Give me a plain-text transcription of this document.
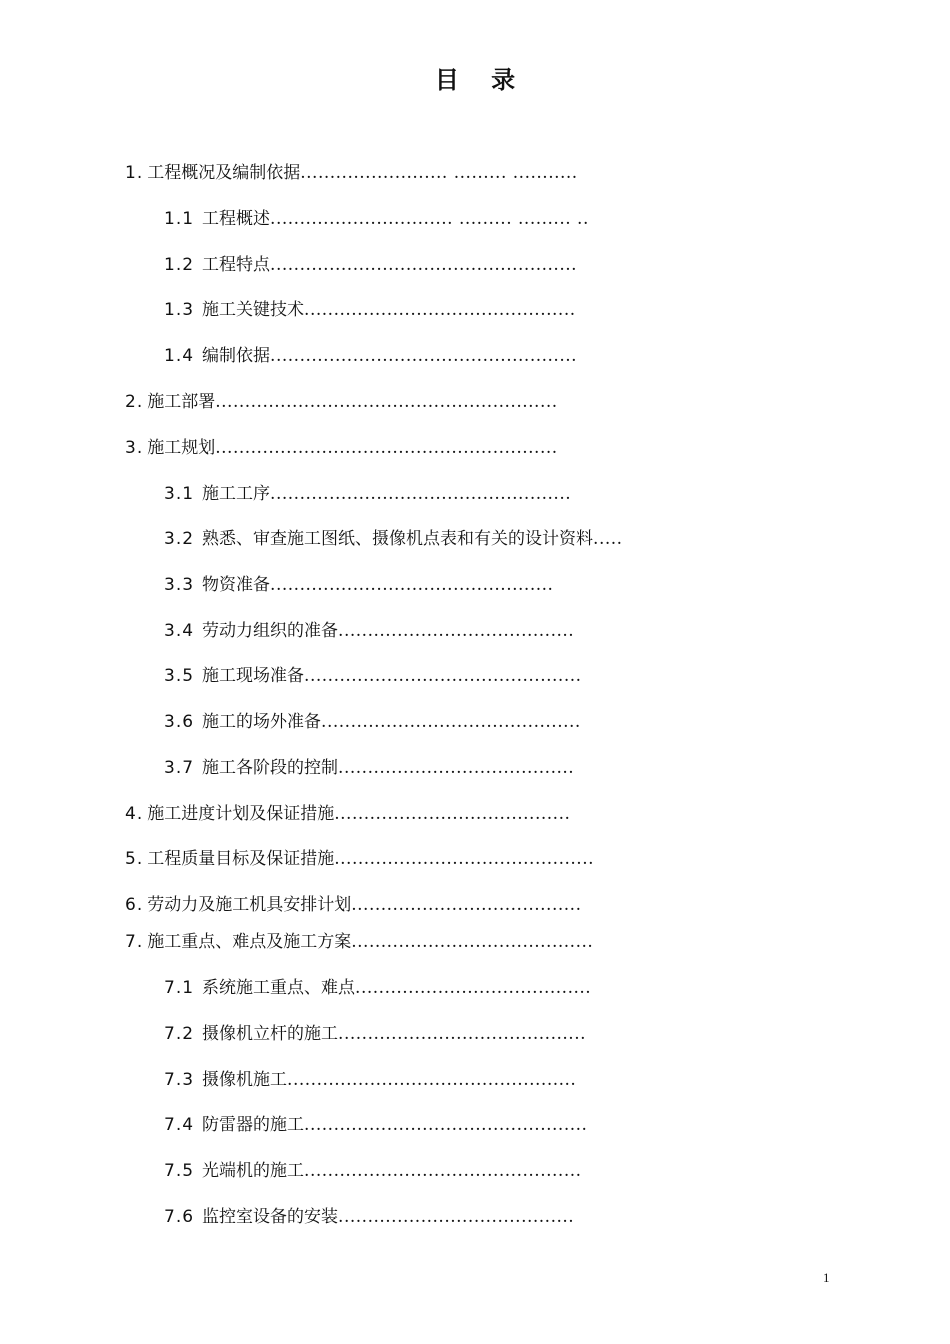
目 录
1. 工程概况及编制依据......................... ......... ...........
1.1 工程概述............................... ......... ......... ..
1.2 工程特点....................................................
1.3 施工关键技术..............................................
1.4 编制依据....................................................
2. 施工部署..........................................................
3. 施工规划..........................................................
3.1 施工工序...................................................
3.2 熟悉、审查施工图纸、摄像机点表和有关的设计资料.....
3.3 物资准备................................................
3.4 劳动力组织的准备........................................
3.5 施工现场准备...............................................
3.6 施工的场外准备............................................
3.7 施工各阶段的控制........................................
4. 施工进度计划及保证措施........................................
5. 工程质量目标及保证措施............................................
6. 劳动力及施工机具安排计划.......................................
7. 施工重点、难点及施工方案.........................................
7.1 系统施工重点、难点........................................
7.2 摄像机立杆的施工..........................................
7.3 摄像机施工.................................................
7.4 防雷器的施工................................................
7.5 光端机的施工...............................................
7.6 监控室设备的安装........................................
1
